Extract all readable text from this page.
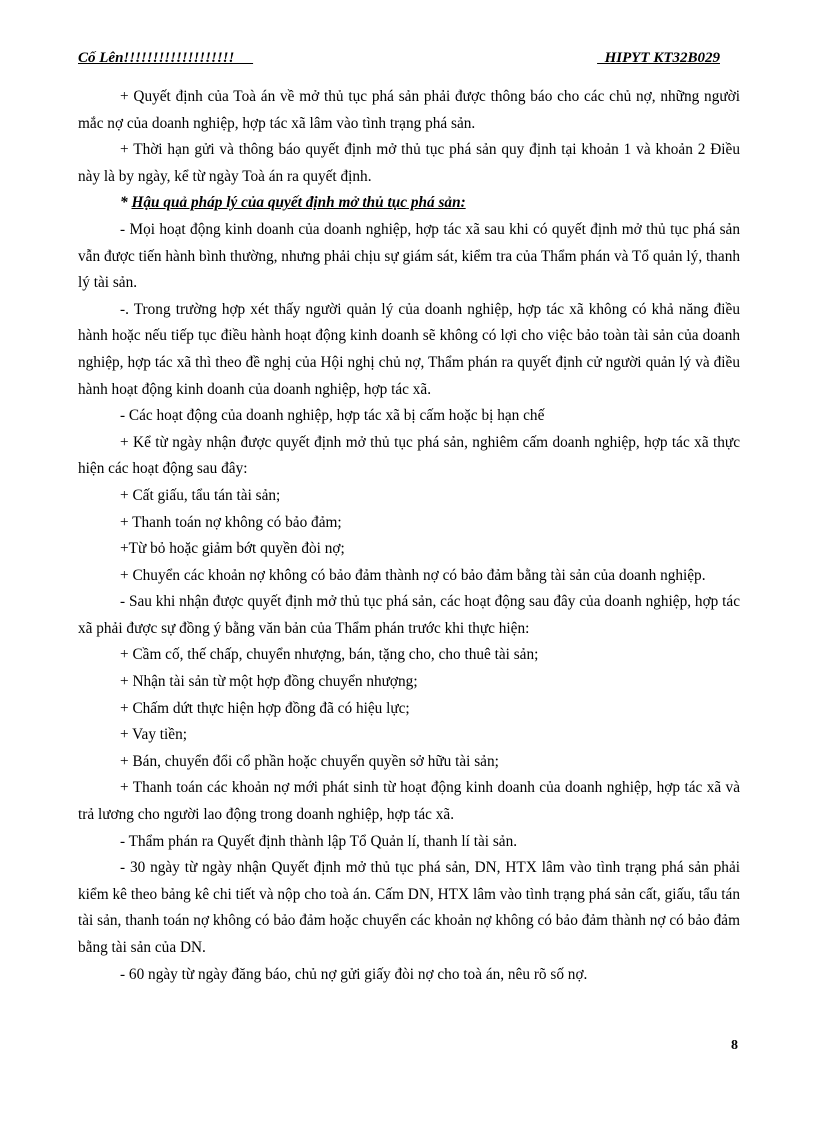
Cố Lên!!!!!!!!!!!!!!!!!!!	HIPYT KT32B029

+ Quyết định của Toà án về mở thủ tục phá sản phải được thông báo cho các chủ nợ, những người mắc nợ của doanh nghiệp, hợp tác xã lâm vào tình trạng phá sản.

+ Thời hạn gửi và thông báo quyết định mở thủ tục phá sản quy định tại khoản 1 và khoản 2 Điều này là by ngày, kể từ ngày Toà án ra quyết định.

* Hậu quả pháp lý của quyết định mở thủ tục phá sản:

- Mọi hoạt động kinh doanh của doanh nghiệp, hợp tác xã sau khi có quyết định mở thủ tục phá sản vẫn được tiến hành bình thường, nhưng phải chịu sự giám sát, kiểm tra của Thẩm phán và Tổ quản lý, thanh lý tài sản.

-. Trong trường hợp xét thấy người quản lý của doanh nghiệp, hợp tác xã không có khả năng điều hành hoặc nếu tiếp tục điều hành hoạt động kinh doanh sẽ không có lợi cho việc bảo toàn tài sản của doanh nghiệp, hợp tác xã thì theo đề nghị của Hội nghị chủ nợ, Thẩm phán ra quyết định cử người quản lý và điều hành hoạt động kinh doanh của doanh nghiệp, hợp tác xã.

- Các hoạt động của doanh nghiệp, hợp tác xã bị cấm hoặc bị hạn chế

+ Kể từ ngày nhận được quyết định mở thủ tục phá sản, nghiêm cấm doanh nghiệp, hợp tác xã thực hiện các hoạt động sau đây:

+ Cất giấu, tẩu tán tài sản;

+ Thanh toán nợ không có bảo đảm;

+Từ bỏ hoặc giảm bớt quyền đòi nợ;

+ Chuyển các khoản nợ không có bảo đảm thành nợ có bảo đảm bằng tài sản của doanh nghiệp.

- Sau khi nhận được quyết định mở thủ tục phá sản, các hoạt động sau đây của doanh nghiệp, hợp tác xã phải được sự đồng ý bằng văn bản của Thẩm phán trước khi thực hiện:

+ Cầm cố, thế chấp, chuyển nhượng, bán, tặng cho, cho thuê tài sản;

+ Nhận tài sản từ một hợp đồng chuyển nhượng;

+ Chấm dứt thực hiện hợp đồng đã có hiệu lực;

+ Vay tiền;

+ Bán, chuyển đổi cổ phần hoặc chuyển quyền sở hữu tài sản;

+ Thanh toán các khoản nợ mới phát sinh từ hoạt động kinh doanh của doanh nghiệp, hợp tác xã và trả lương cho người lao động trong doanh nghiệp, hợp tác xã.

- Thẩm phán ra Quyết định thành lập Tổ Quản lí, thanh lí tài sản.

- 30 ngày từ ngày nhận Quyết định mở thủ tục phá sản, DN, HTX lâm vào tình trạng phá sản phải kiểm kê theo bảng kê chi tiết và nộp cho toà án. Cấm DN, HTX lâm vào tình trạng phá sản cất, giấu, tẩu tán tài sản, thanh toán nợ không có bảo đảm hoặc chuyển các khoản nợ không có bảo đảm thành nợ có bảo đảm bằng tài sản của DN.

- 60 ngày từ ngày đăng báo, chủ nợ gửi giấy đòi nợ cho toà án, nêu rõ số nợ.

8
